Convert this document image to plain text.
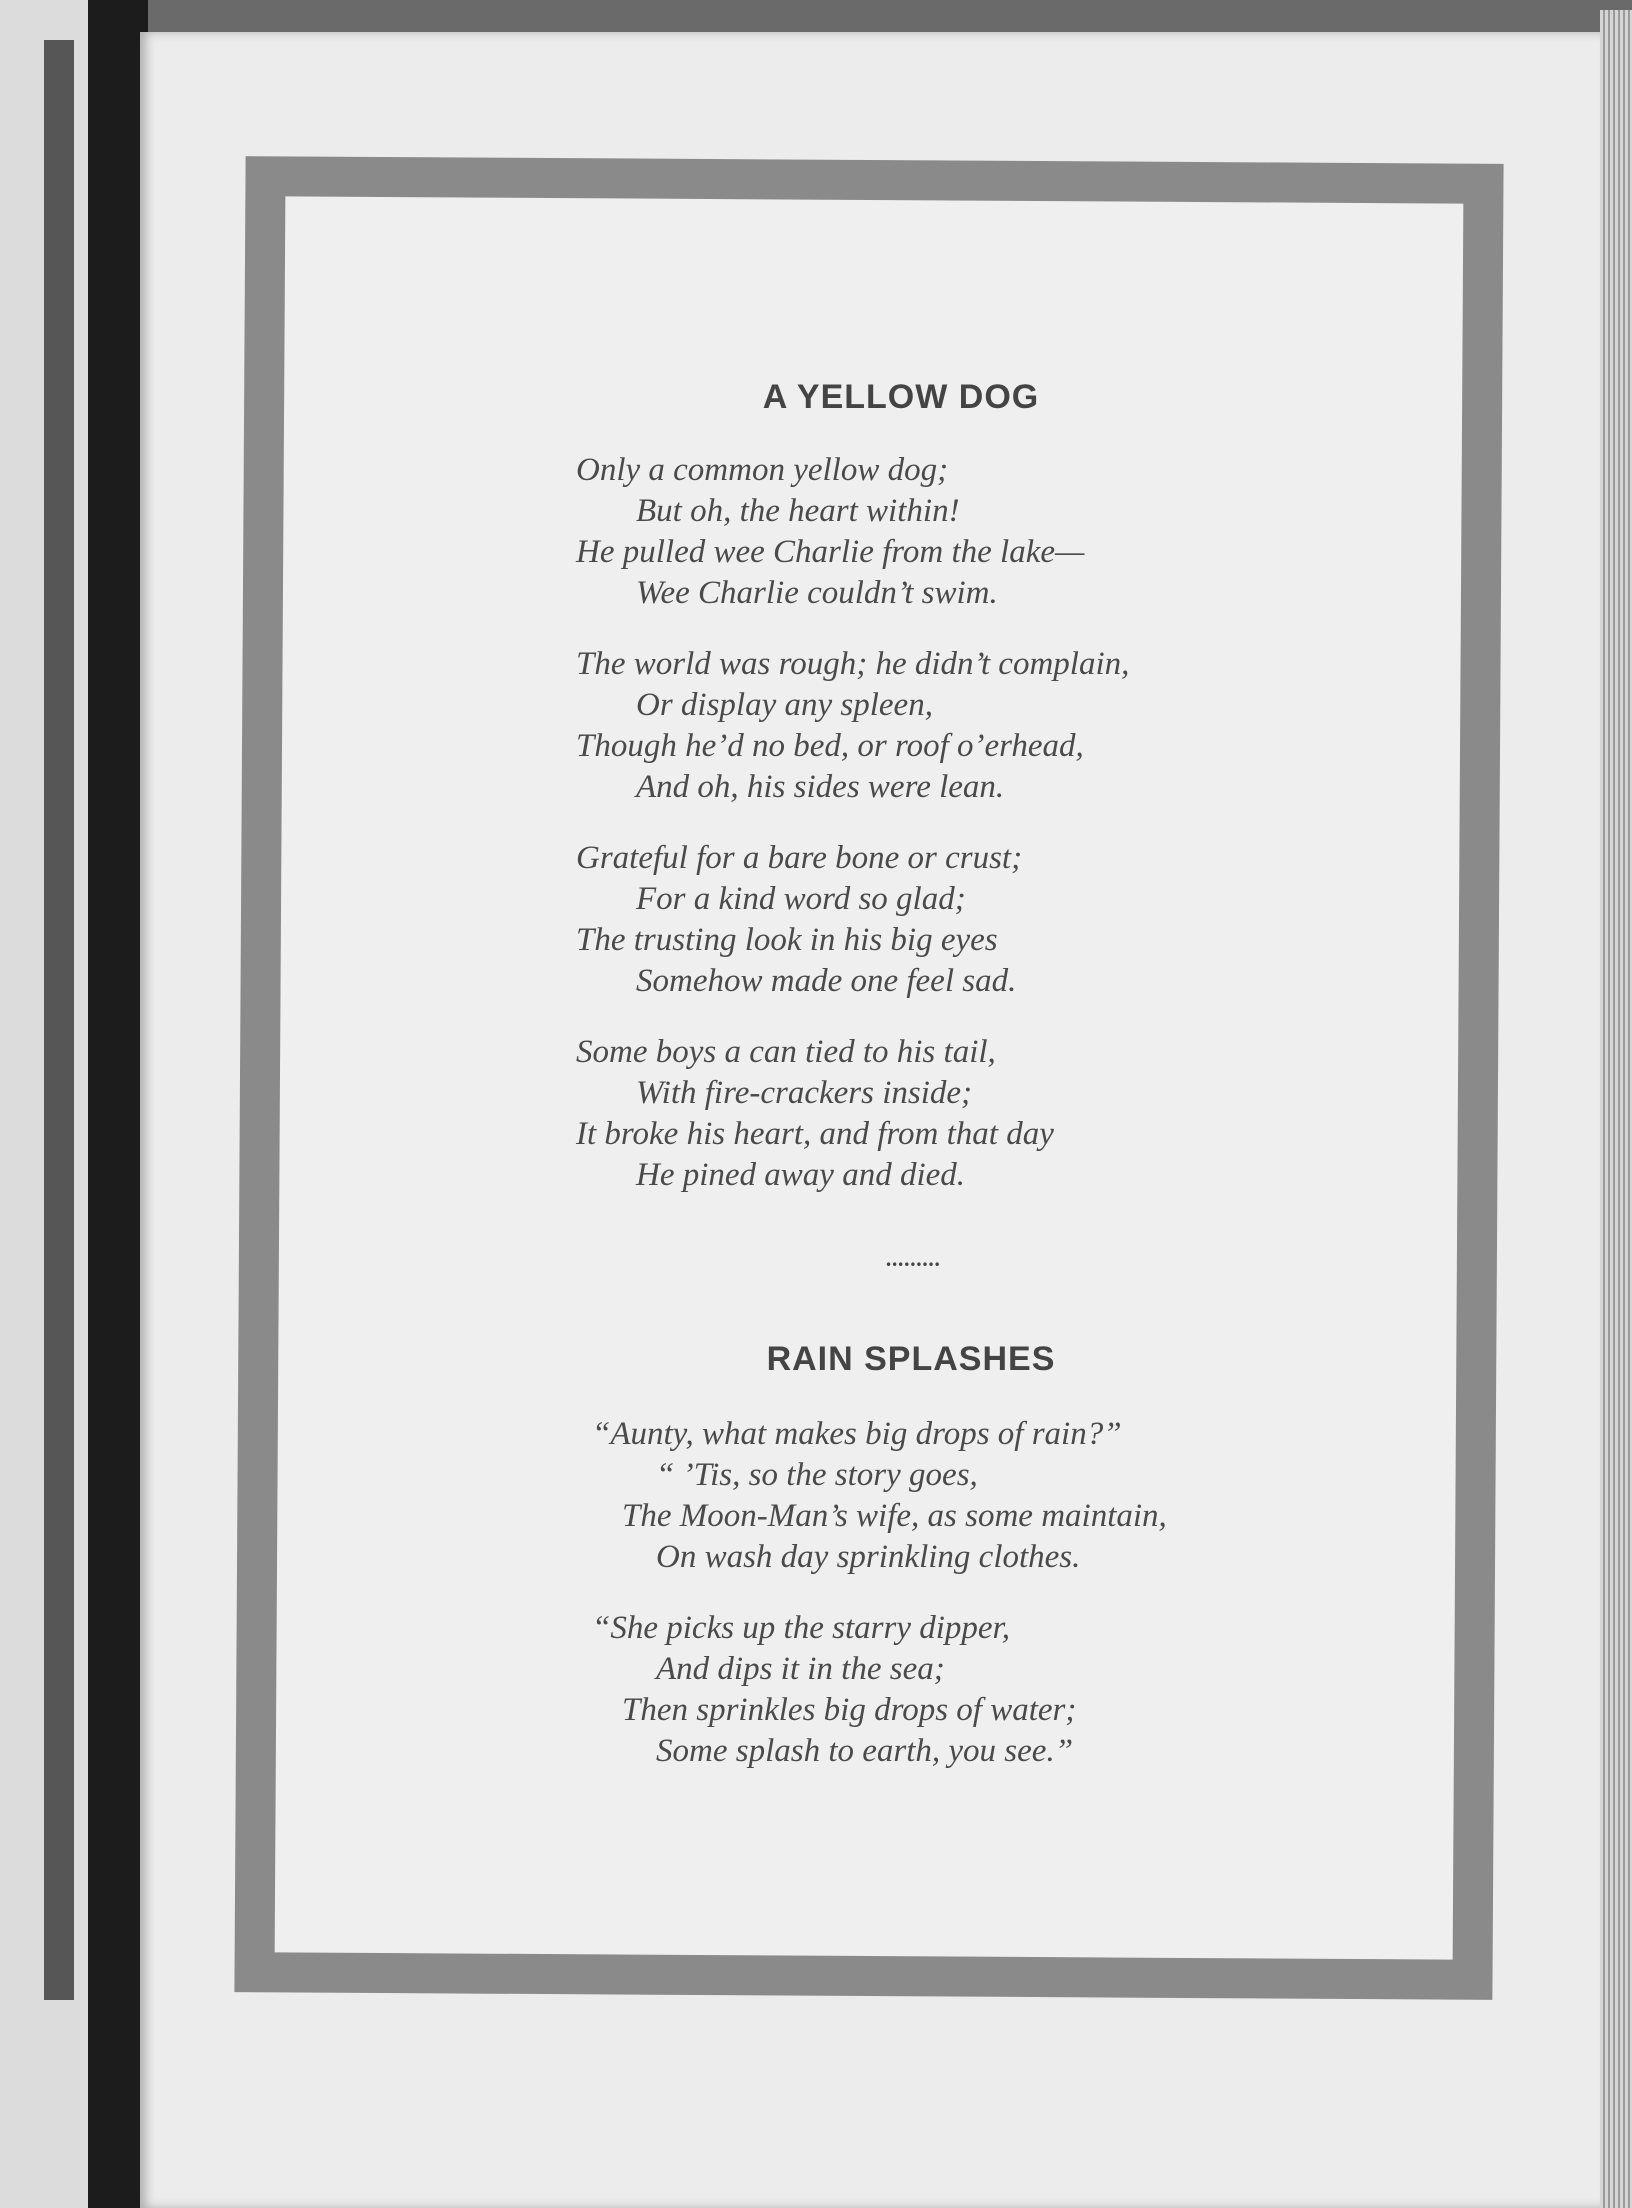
A YELLOW DOG
Only a common yellow dog;
But oh, the heart within!
He pulled wee Charlie from the lake—
Wee Charlie couldn’t swim.
The world was rough; he didn’t complain,
Or display any spleen,
Though he’d no bed, or roof o’erhead,
And oh, his sides were lean.
Grateful for a bare bone or crust;
For a kind word so glad;
The trusting look in his big eyes
Somehow made one feel sad.
Some boys a can tied to his tail,
With fire-crackers inside;
It broke his heart, and from that day
He pined away and died.
•••••••••
RAIN SPLASHES
“Aunty, what makes big drops of rain?”
“ ’Tis, so the story goes,
The Moon-Man’s wife, as some maintain,
On wash day sprinkling clothes.
“She picks up the starry dipper,
And dips it in the sea;
Then sprinkles big drops of water;
Some splash to earth, you see.”
